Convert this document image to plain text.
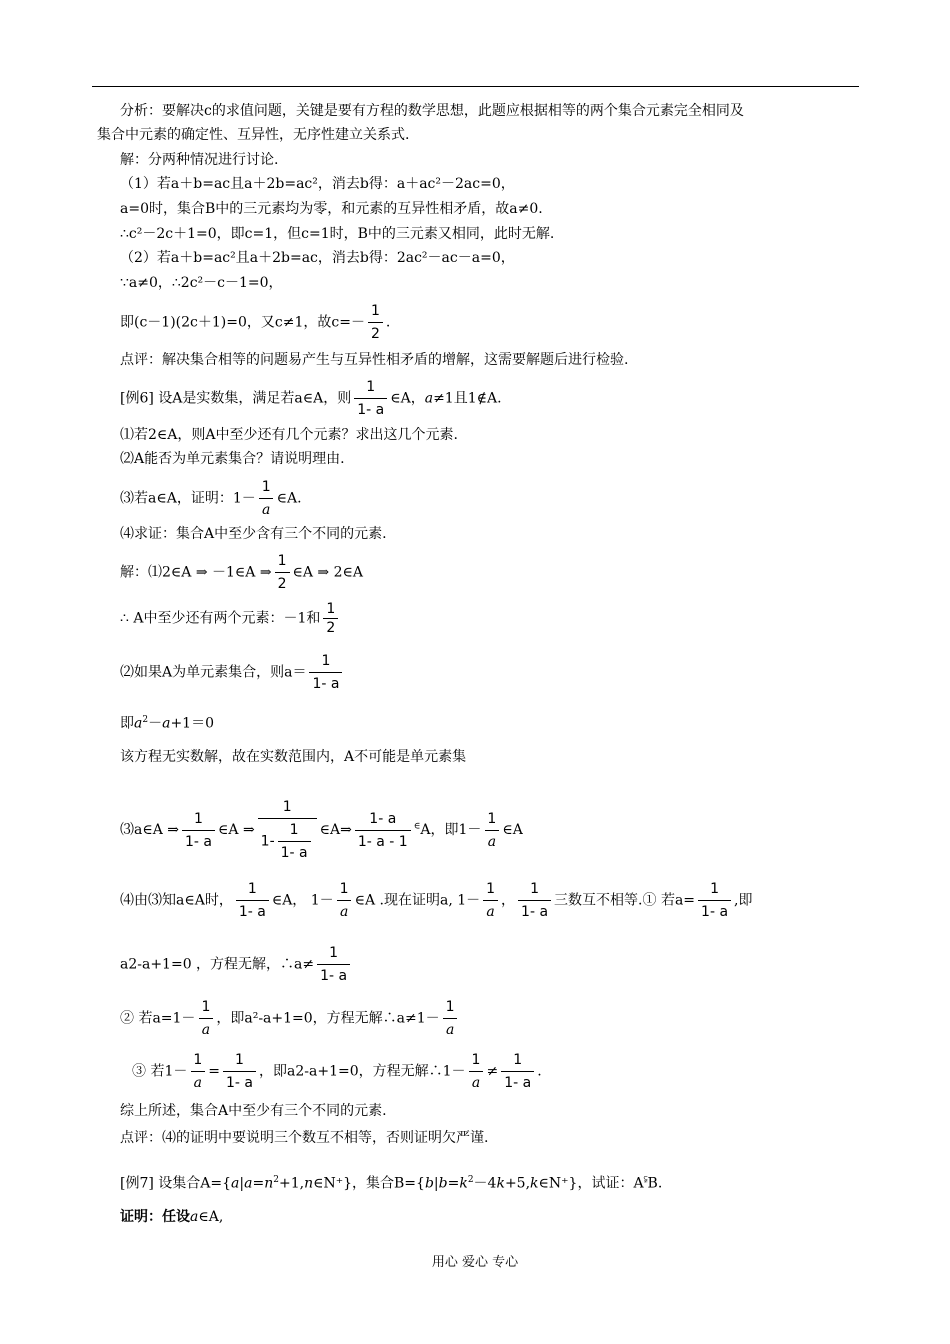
分析：要解决c的求值问题，关键是要有方程的数学思想，此题应根据相等的两个集合元素完全相同及
集合中元素的确定性、互异性，无序性建立关系式.
解：分两种情况进行讨论.
（1）若a＋b=ac且a＋2b=ac²，消去b得：a＋ac²－2ac=0，
a=0时，集合B中的三元素均为零，和元素的互异性相矛盾，故a≠0.
∴c²－2c＋1=0，即c=1，但c=1时，B中的三元素又相同，此时无解.
（2）若a＋b=ac²且a＋2b=ac，消去b得：2ac²－ac－a=0，
∵a≠0，∴2c²－c－1=0，
即(c－1)(2c＋1)=0，又c≠1，故$c=- \frac{1}{2}$ .
点评：解决集合相等的问题易产生与互异性相矛盾的增解，这需要解题后进行检验.
[例6] 设A是实数集，满足若a∈A，则 $\frac{1}{1- a}$ ∈A，a≠1且1∉A.
⑴若2∈A，则A中至少还有几个元素？求出这几个元素.
⑵A能否为单元素集合？请说明理由.
⑶若a∈A，证明：$1- \frac{1}{a}$ ∈A.
⑷求证：集合A中至少含有三个不同的元素.
解：⑴2∈A ⇒ －1∈A ⇒ $\frac{1}{2}$ ∈A ⇒ 2∈A
∴ A中至少还有两个元素：－1和 $\frac{1}{2}$
⑵如果A为单元素集合，则$a= \frac{1}{1- a}$
即$a^2-a+1=0$
该方程无实数解，故在实数范围内，A不可能是单元素集
⑶a∈A ⇒ $\frac{1}{1- a}$ ∈A ⇒ $\frac{1}{1- \frac{1}{1- a}}$ ∈A⇒ $\frac{1- a}{1- a - 1} ^\in A$，即$1- \frac{1}{a}$ ∈A
⑷由⑶知a∈A时， $\frac{1}{1- a}$ ∈A， $1- \frac{1}{a}$ ∈A .现在证明a, $1- \frac{1}{a}$ ， $\frac{1}{1- a}$ 三数互不相等.① 若$a= \frac{1}{1- a}$ ,即
a2-a+1=0 ，方程无解，∴a≠ $\frac{1}{1- a}$
② 若$a=1- \frac{1}{a}$ ，即a²-a+1=0，方程无解∴a≠1－ $\frac{1}{a}$
③ 若$1- \frac{1}{a} = \frac{1}{1- a}$ ，即a2-a+1=0，方程无解∴1－ $\frac{1}{a} \ne \frac{1}{1- a}$ .
综上所述，集合A中至少有三个不同的元素.
点评：⑷的证明中要说明三个数互不相等，否则证明欠严谨.
[例7] 设集合$A=\{a|a=n^2+1,n\in N^+\}$，集合$B=\{b|b=k^2-4k+5,k\in N^+\}$，试证：A⫋B.
证明：任设a∈A,
用心 爱心 专心
